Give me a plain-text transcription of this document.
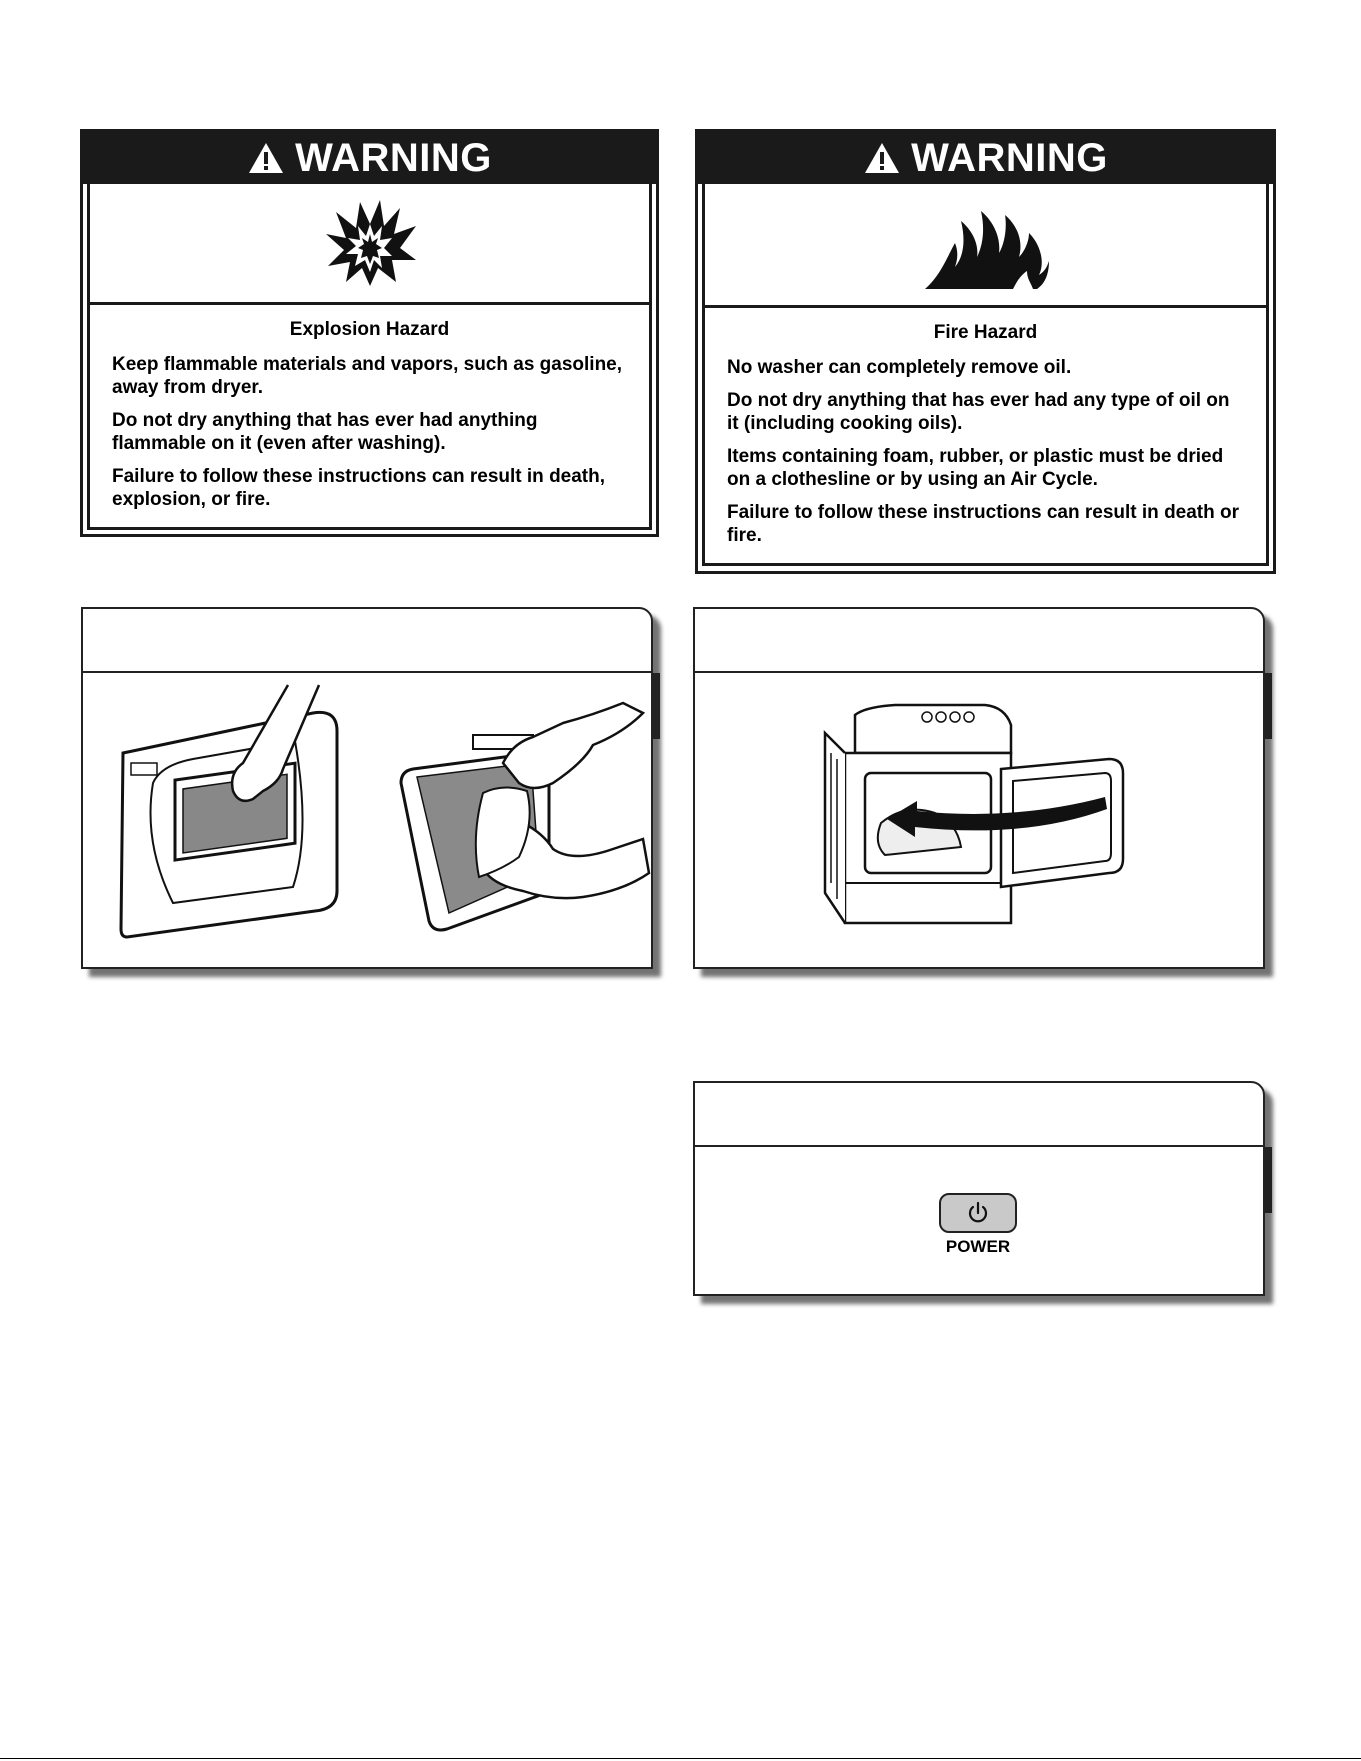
WARNING
Explosion Hazard

Keep flammable materials and vapors, such as gasoline, away from dryer.

Do not dry anything that has ever had anything flammable on it (even after washing).

Failure to follow these instructions can result in death, explosion, or fire.

WARNING
Fire Hazard

No washer can completely remove oil.

Do not dry anything that has ever had any type of oil on it (including cooking oils).

Items containing foam, rubber, or plastic must be dried on a clothesline or by using an Air Cycle.

Failure to follow these instructions can result in death or fire.

POWER
